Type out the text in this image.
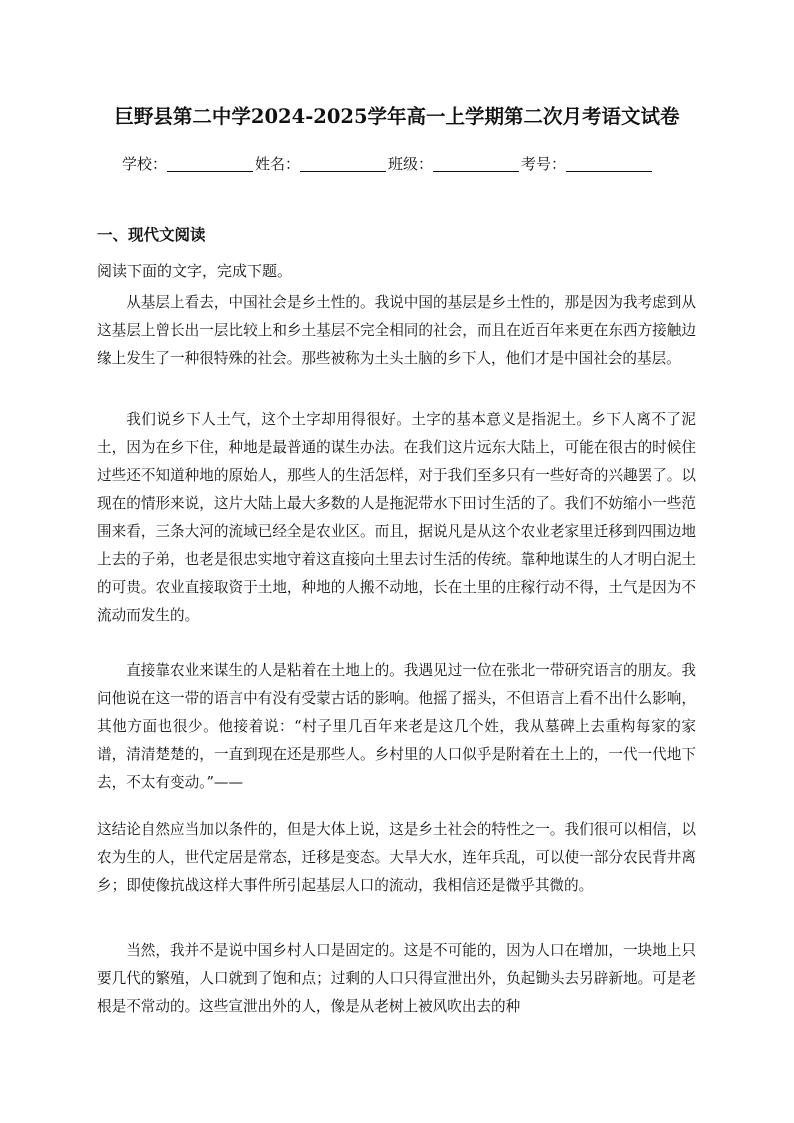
巨野县第二中学2024-2025学年高一上学期第二次月考语文试卷
学校：	姓名：	班级：	考号：
一、现代文阅读
阅读下面的文字，完成下题。

从基层上看去，中国社会是乡土性的。我说中国的基层是乡土性的，那是因为我考虑到从这基层上曾长出一层比较上和乡土基层不完全相同的社会，而且在近百年来更在东西方接触边缘上发生了一种很特殊的社会。那些被称为土头土脑的乡下人，他们才是中国社会的基层。

我们说乡下人土气，这个土字却用得很好。土字的基本意义是指泥土。乡下人离不了泥土，因为在乡下住，种地是最普通的谋生办法。在我们这片远东大陆上，可能在很古的时候住过些还不知道种地的原始人，那些人的生活怎样，对于我们至多只有一些好奇的兴趣罢了。以现在的情形来说，这片大陆上最大多数的人是拖泥带水下田讨生活的了。我们不妨缩小一些范围来看，三条大河的流域已经全是农业区。而且，据说凡是从这个农业老家里迁移到四围边地上去的子弟，也老是很忠实地守着这直接向土里去讨生活的传统。靠种地谋生的人才明白泥土的可贵。农业直接取资于土地，种地的人搬不动地，长在土里的庄稼行动不得，土气是因为不流动而发生的。

直接靠农业来谋生的人是粘着在土地上的。我遇见过一位在张北一带研究语言的朋友。我问他说在这一带的语言中有没有受蒙古话的影响。他摇了摇头，不但语言上看不出什么影响，其他方面也很少。他接着说：“村子里几百年来老是这几个姓，我从墓碑上去重构每家的家谱，清清楚楚的，一直到现在还是那些人。乡村里的人口似乎是附着在土上的，一代一代地下去，不太有变动。”——

这结论自然应当加以条件的，但是大体上说，这是乡土社会的特性之一。我们很可以相信，以农为生的人，世代定居是常态，迁移是变态。大旱大水，连年兵乱，可以使一部分农民背井离乡；即使像抗战这样大事件所引起基层人口的流动，我相信还是微乎其微的。

当然，我并不是说中国乡村人口是固定的。这是不可能的，因为人口在增加，一块地上只要几代的繁殖，人口就到了饱和点；过剩的人口只得宣泄出外，负起锄头去另辟新地。可是老根是不常动的。这些宣泄出外的人，像是从老树上被风吹出去的种
